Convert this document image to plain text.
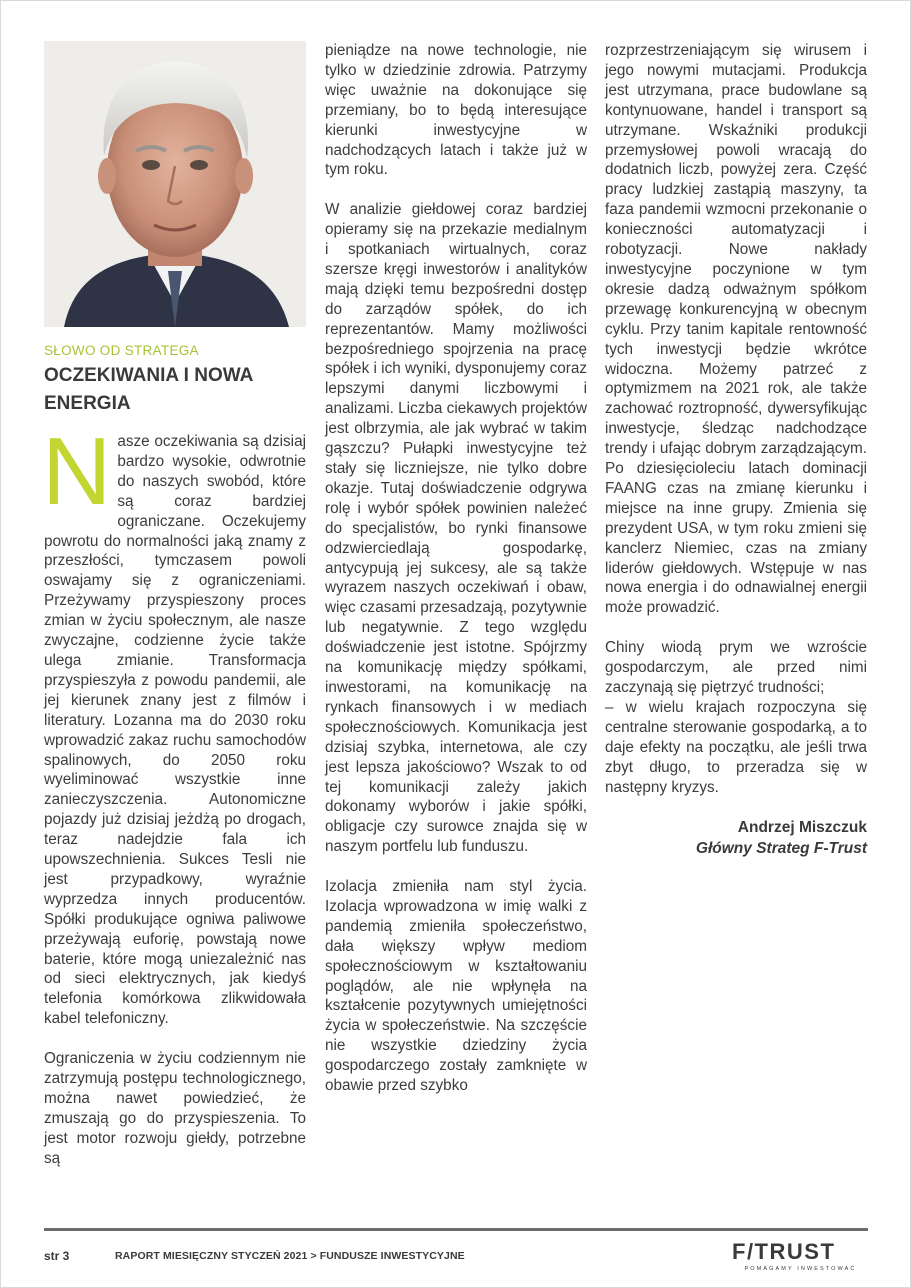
SŁOWO OD STRATEGA
OCZEKIWANIA I NOWA ENERGIA

Nasze oczekiwania są dzisiaj bardzo wysokie, odwrotnie do naszych swobód, które są coraz bardziej ograniczane. Oczekujemy powrotu do normalności jaką znamy z przeszłości, tymczasem powoli oswajamy się z ograniczeniami. Przeżywamy przyspieszony proces zmian w życiu społecznym, ale nasze zwyczajne, codzienne życie także ulega zmianie. Transformacja przyspieszyła z powodu pandemii, ale jej kierunek znany jest z filmów i literatury. Lozanna ma do 2030 roku wprowadzić zakaz ruchu samochodów spalinowych, do 2050 roku wyeliminować wszystkie inne zanieczyszczenia. Autonomiczne pojazdy już dzisiaj jeżdżą po drogach, teraz nadejdzie fala ich upowszechnienia. Sukces Tesli nie jest przypadkowy, wyraźnie wyprzedza innych producentów. Spółki produkujące ogniwa paliwowe przeżywają euforię, powstają nowe baterie, które mogą uniezależnić nas od sieci elektrycznych, jak kiedyś telefonia komórkowa zlikwidowała kabel telefoniczny.

Ograniczenia w życiu codziennym nie zatrzymują postępu technologicznego, można nawet powiedzieć, że zmuszają go do przyspieszenia. To jest motor rozwoju giełdy, potrzebne są

pieniądze na nowe technologie, nie tylko w dziedzinie zdrowia. Patrzymy więc uważnie na dokonujące się przemiany, bo to będą interesujące kierunki inwestycyjne w nadchodzących latach i także już w tym roku.

W analizie giełdowej coraz bardziej opieramy się na przekazie medialnym i spotkaniach wirtualnych, coraz szersze kręgi inwestorów i analityków mają dzięki temu bezpośredni dostęp do zarządów spółek, do ich reprezentantów. Mamy możliwości bezpośredniego spojrzenia na pracę spółek i ich wyniki, dysponujemy coraz lepszymi danymi liczbowymi i analizami. Liczba ciekawych projektów jest olbrzymia, ale jak wybrać w takim gąszczu? Pułapki inwestycyjne też stały się liczniejsze, nie tylko dobre okazje. Tutaj doświadczenie odgrywa rolę i wybór spółek powinien należeć do specjalistów, bo rynki finansowe odzwierciedlają gospodarkę, antycypują jej sukcesy, ale są także wyrazem naszych oczekiwań i obaw, więc czasami przesadzają, pozytywnie lub negatywnie. Z tego względu doświadczenie jest istotne. Spójrzmy na komunikację między spółkami, inwestorami, na komunikację na rynkach finansowych i w mediach społecznościowych. Komunikacja jest dzisiaj szybka, internetowa, ale czy jest lepsza jakościowo? Wszak to od tej komunikacji zależy jakich dokonamy wyborów i jakie spółki, obligacje czy surowce znajda się w naszym portfelu lub funduszu.

Izolacja zmieniła nam styl życia. Izolacja wprowadzona w imię walki z pandemią zmieniła społeczeństwo, dała większy wpływ mediom społecznościowym w kształtowaniu poglądów, ale nie wpłynęła na kształcenie pozytywnych umiejętności życia w społeczeństwie. Na szczęście nie wszystkie dziedziny życia gospodarczego zostały zamknięte w obawie przed szybko

rozprzestrzeniającym się wirusem i jego nowymi mutacjami. Produkcja jest utrzymana, prace budowlane są kontynuowane, handel i transport są utrzymane. Wskaźniki produkcji przemysłowej powoli wracają do dodatnich liczb, powyżej zera. Część pracy ludzkiej zastąpią maszyny, ta faza pandemii wzmocni przekonanie o konieczności automatyzacji i robotyzacji. Nowe nakłady inwestycyjne poczynione w tym okresie dadzą odważnym spółkom przewagę konkurencyjną w obecnym cyklu. Przy tanim kapitale rentowność tych inwestycji będzie wkrótce widoczna. Możemy patrzeć z optymizmem na 2021 rok, ale także zachować roztropność, dywersyfikując inwestycje, śledząc nadchodzące trendy i ufając dobrym zarządzającym. Po dziesięcioleciu latach dominacji FAANG czas na zmianę kierunku i miejsce na inne grupy. Zmienia się prezydent USA, w tym roku zmieni się kanclerz Niemiec, czas na zmiany liderów giełdowych. Wstępuje w nas nowa energia i do odnawialnej energii może prowadzić.

Chiny wiodą prym we wzroście gospodarczym, ale przed nimi zaczynają się piętrzyć trudności;

– w wielu krajach rozpoczyna się centralne sterowanie gospodarką, a to daje efekty na początku, ale jeśli trwa zbyt długo, to przeradza się w następny kryzys.

Andrzej Miszczuk
Główny Strateg F-Trust

str 3	RAPORT MIESIĘCZNY STYCZEŃ 2021 > FUNDUSZE INWESTYCYJNE	F/TRUST
POMAGAMY INWESTOWAĆ
